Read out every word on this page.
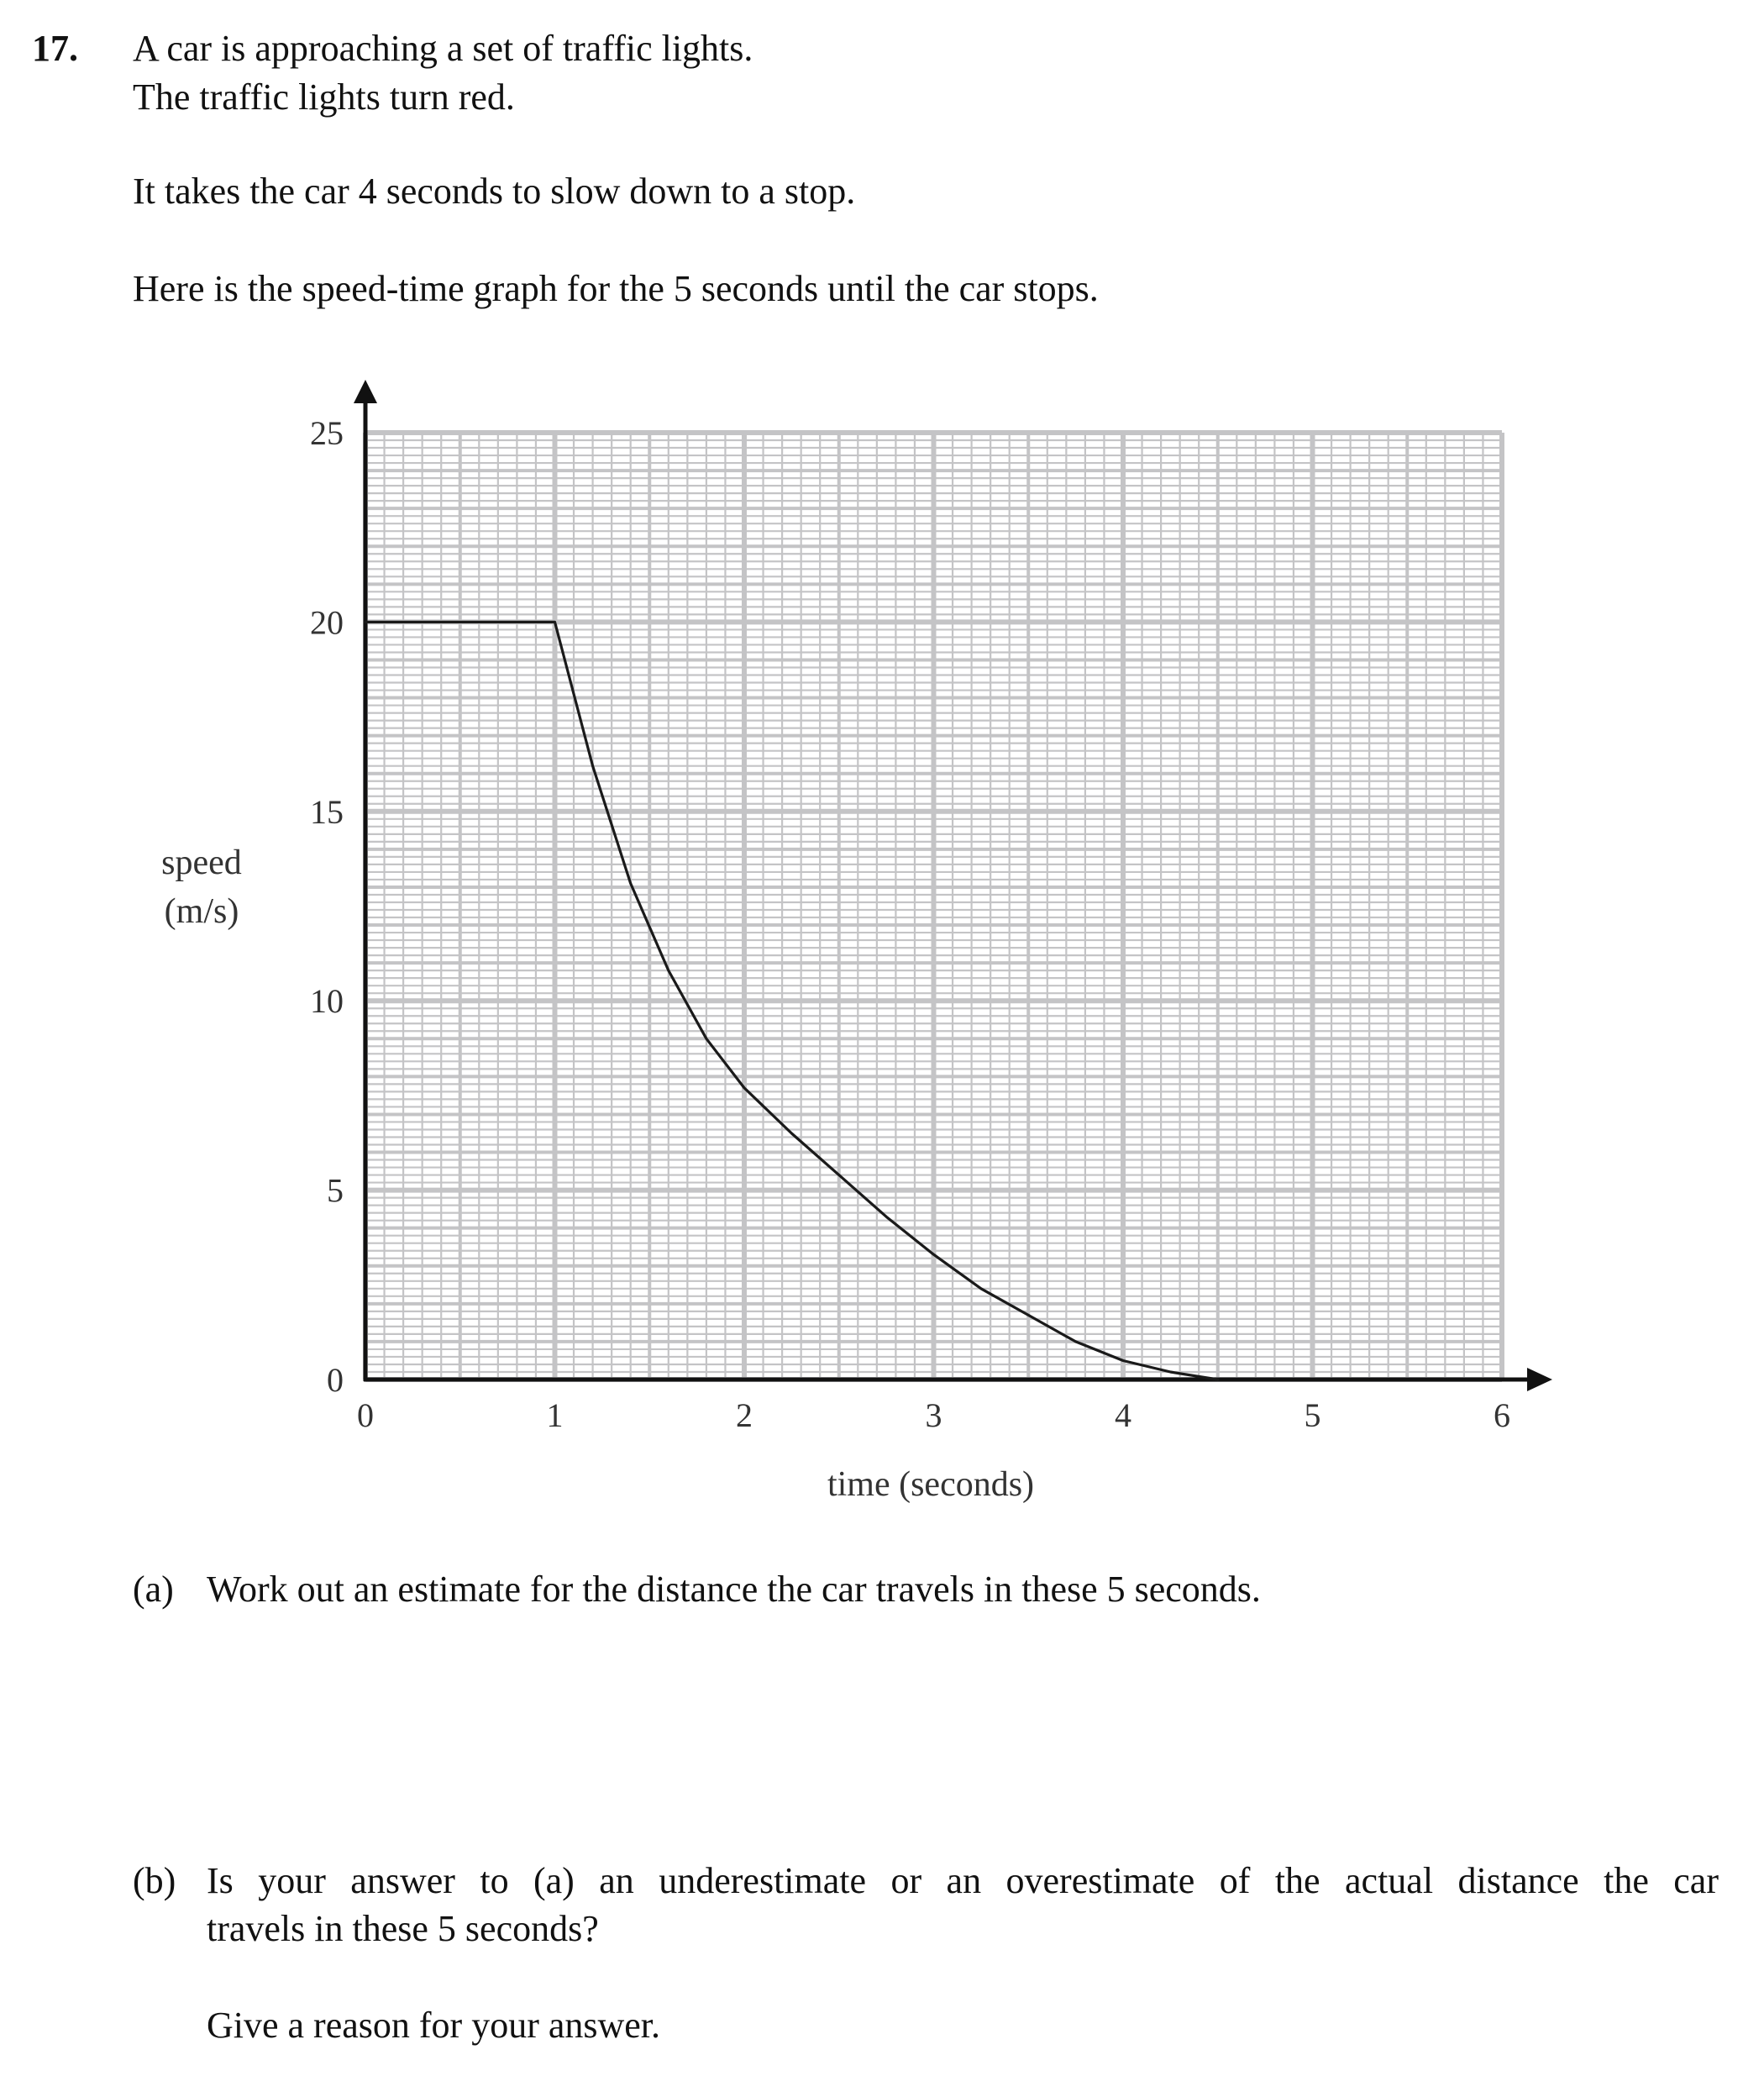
17. A car is approaching a set of traffic lights.
The traffic lights turn red.
It takes the car 4 seconds to slow down to a stop.
Here is the speed-time graph for the 5 seconds until the car stops.
0	1	2	3	4	5	6
0
5
10
15
20
25
time (seconds)
speed
(m/s)
(a) Work out an estimate for the distance the car travels in these 5 seconds.
(b) Is your answer to (a) an underestimate or an overestimate of the actual distance the car
travels in these 5 seconds?
Give a reason for your answer.
